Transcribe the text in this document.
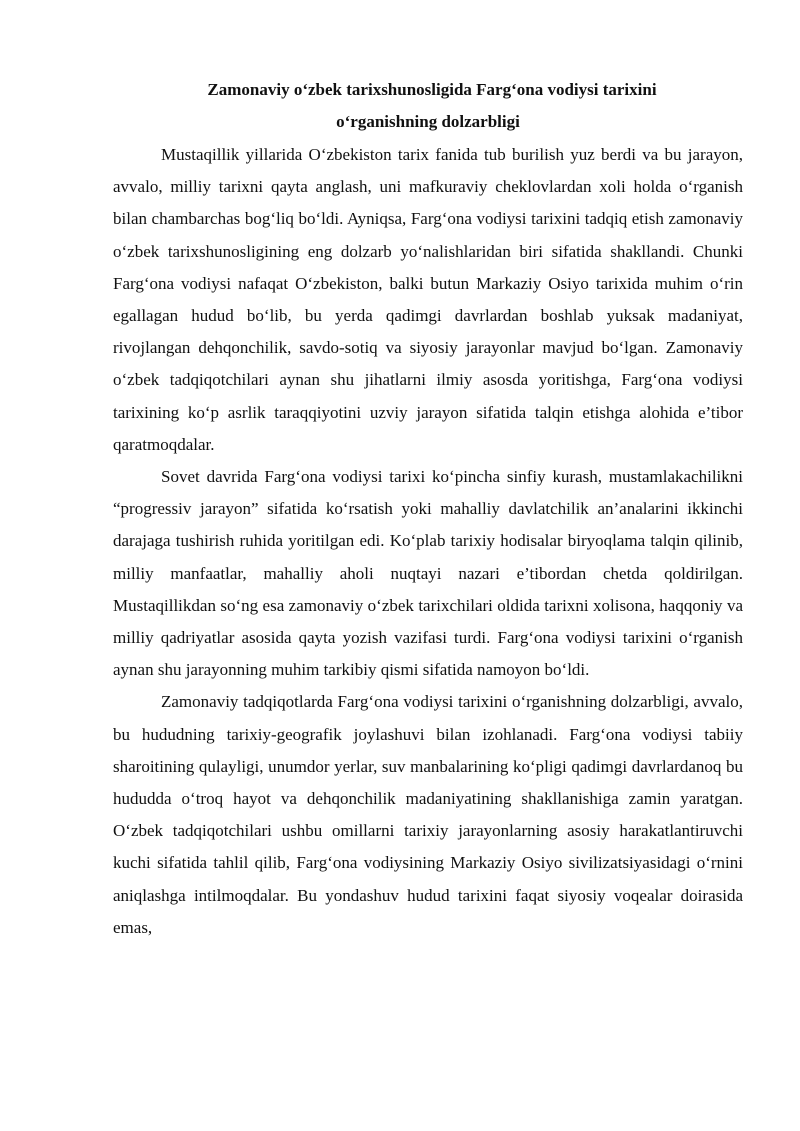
Zamonaviy o‘zbek tarixshunosligida Farg‘ona vodiysi tarixini
o‘rganishning dolzarbligi

Mustaqillik yillarida O‘zbekiston tarix fanida tub burilish yuz berdi va bu jarayon, avvalo, milliy tarixni qayta anglash, uni mafkuraviy cheklovlardan xoli holda o‘rganish bilan chambarchas bog‘liq bo‘ldi. Ayniqsa, Farg‘ona vodiysi tarixini tadqiq etish zamonaviy o‘zbek tarixshunosligining eng dolzarb yo‘nalishlaridan biri sifatida shakllandi. Chunki Farg‘ona vodiysi nafaqat O‘zbekiston, balki butun Markaziy Osiyo tarixida muhim o‘rin egallagan hudud bo‘lib, bu yerda qadimgi davrlardan boshlab yuksak madaniyat, rivojlangan dehqonchilik, savdo-sotiq va siyosiy jarayonlar mavjud bo‘lgan. Zamonaviy o‘zbek tadqiqotchilari aynan shu jihatlarni ilmiy asosda yoritishga, Farg‘ona vodiysi tarixining ko‘p asrlik taraqqiyotini uzviy jarayon sifatida talqin etishga alohida e’tibor qaratmoqdalar.

Sovet davrida Farg‘ona vodiysi tarixi ko‘pincha sinfiy kurash, mustamlakachilikni “progressiv jarayon” sifatida ko‘rsatish yoki mahalliy davlatchilik an’analarini ikkinchi darajaga tushirish ruhida yoritilgan edi. Ko‘plab tarixiy hodisalar biryoqlama talqin qilinib, milliy manfaatlar, mahalliy aholi nuqtayi nazari e’tibordan chetda qoldirilgan. Mustaqillikdan so‘ng esa zamonaviy o‘zbek tarixchilari oldida tarixni xolisona, haqqoniy va milliy qadriyatlar asosida qayta yozish vazifasi turdi. Farg‘ona vodiysi tarixini o‘rganish aynan shu jarayonning muhim tarkibiy qismi sifatida namoyon bo‘ldi.

Zamonaviy tadqiqotlarda Farg‘ona vodiysi tarixini o‘rganishning dolzarbligi, avvalo, bu hududning tarixiy-geografik joylashuvi bilan izohlanadi. Farg‘ona vodiysi tabiiy sharoitining qulayligi, unumdor yerlar, suv manbalarining ko‘pligi qadimgi davrlardanoq bu hududda o‘troq hayot va dehqonchilik madaniyatining shakllanishiga zamin yaratgan. O‘zbek tadqiqotchilari ushbu omillarni tarixiy jarayonlarning asosiy harakatlantiruvchi kuchi sifatida tahlil qilib, Farg‘ona vodiysining Markaziy Osiyo sivilizatsiyasidagi o‘rnini aniqlashga intilmoqdalar. Bu yondashuv hudud tarixini faqat siyosiy voqealar doirasida emas,
